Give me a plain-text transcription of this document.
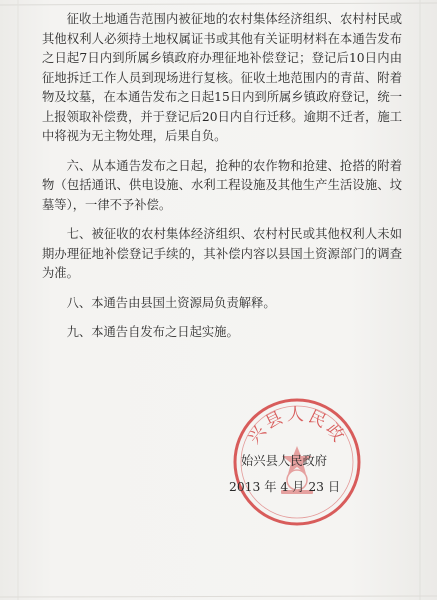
征收土地通告范围内被征地的农村集体经济组织、农村村民或其他权利人必须持土地权属证书或其他有关证明材料在本通告发布之日起7日内到所属乡镇政府办理征地补偿登记；登记后10日内由征地拆迁工作人员到现场进行复核。征收土地范围内的青苗、附着物及坟墓，在本通告发布之日起15日内到所属乡镇政府登记，统一上报领取补偿费，并于登记后20日内自行迁移。逾期不迁者，施工中将视为无主物处理，后果自负。

六、从本通告发布之日起，抢种的农作物和抢建、抢搭的附着物（包括通讯、供电设施、水利工程设施及其他生产生活设施、坟墓等），一律不予补偿。

七、被征收的农村集体经济组织、农村村民或其他权利人未如期办理征地补偿登记手续的，其补偿内容以县国土资源部门的调查为准。

八、本通告由县国土资源局负责解释。

九、本通告自发布之日起实施。

兴县人民政
始兴县人民政府
2013 年 4 月 23 日
